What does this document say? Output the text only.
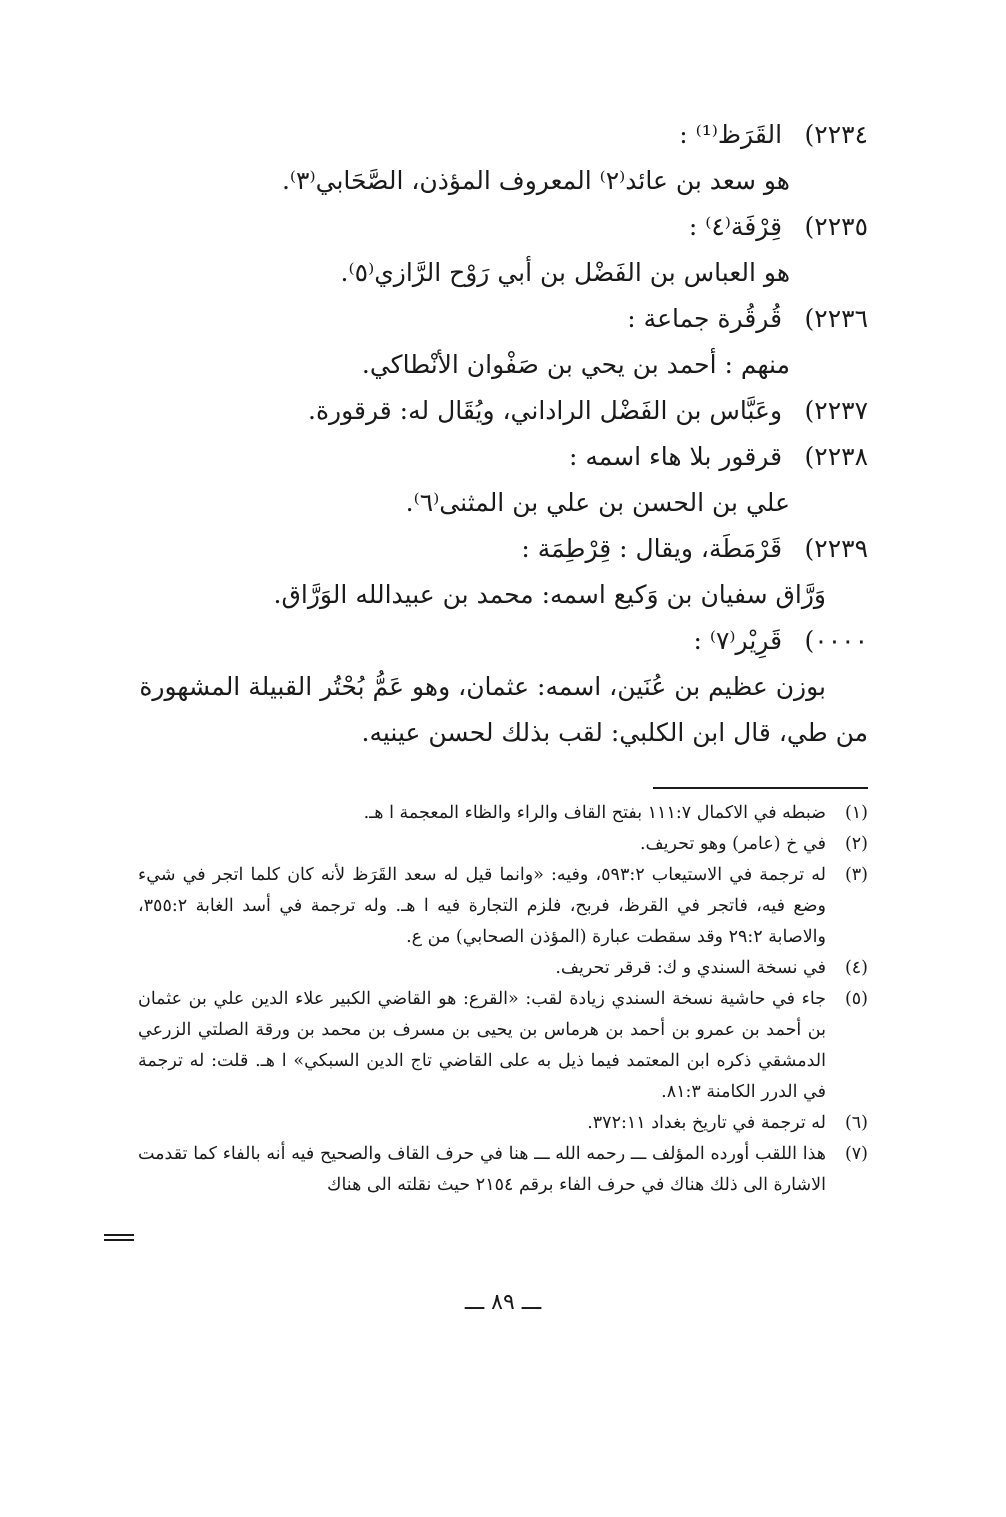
٢٢٣٤) القَرَظ⁽¹⁾ :
هو سعد بن عائد⁽٢⁾ المعروف المؤذن، الصَّحَابي⁽٣⁾.
٢٢٣٥) قِرْفَة⁽٤⁾ :
هو العباس بن الفَضْل بن أبي رَوْح الرَّازي⁽٥⁾.
٢٢٣٦) قُرقُرة جماعة :
منهم : أحمد بن يحي بن صَفْوان الأنْطاكي.
٢٢٣٧) وعَبَّاس بن الفَضْل الراداني، ويُقَال له: قرقورة.
٢٢٣٨) قرقور بلا هاء اسمه :
علي بن الحسن بن علي بن المثنى⁽٦⁾.
٢٢٣٩) قَرْمَطَة، ويقال : قِرْطِمَة :
وَرَّاق سفيان بن وَكيع اسمه: محمد بن عبيدالله الوَرَّاق.
٠٠٠٠) قَرِيْر⁽٧⁾ :
بوزن عظيم بن عُنَين، اسمه: عثمان، وهو عَمُّ بُحْتُر القبيلة المشهورة
من طي، قال ابن الكلبي: لقب بذلك لحسن عينيه.
(١)
ضبطه في الاكمال ١١١:٧ بفتح القاف والراء والظاء المعجمة ا هـ.
(٢)
في خ (عامر) وهو تحريف.
(٣)
له ترجمة في الاستيعاب ٥٩٣:٢، وفيه: «وانما قيل له سعد القَرَظ لأنه كان كلما اتجر في شيء وضع فيه، فاتجر في القرظ، فربح، فلزم التجارة فيه ا هـ. وله ترجمة في أسد الغابة ٣٥٥:٢، والاصابة ٢٩:٢ وقد سقطت عبارة (المؤذن الصحابي) من ع.
(٤)
في نسخة السندي و ك: قرقر تحريف.
(٥)
جاء في حاشية نسخة السندي زيادة لقب: «القرع: هو القاضي الكبير علاء الدين علي بن عثمان بن أحمد بن عمرو بن أحمد بن هرماس بن يحيى بن مسرف بن محمد بن ورقة الصلتي الزرعي الدمشقي ذكره ابن المعتمد فيما ذيل به على القاضي تاج الدين السبكي» ا هـ. قلت: له ترجمة في الدرر الكامنة ٨١:٣.
(٦)
له ترجمة في تاريخ بغداد ٣٧٢:١١.
(٧)
هذا اللقب أورده المؤلف ـــ رحمه الله ـــ هنا في حرف القاف والصحيح فيه أنه بالفاء كما تقدمت الاشارة الى ذلك هناك في حرف الفاء برقم ٢١٥٤ حيث نقلته الى هناك
ـــ ٨٩ ـــ
